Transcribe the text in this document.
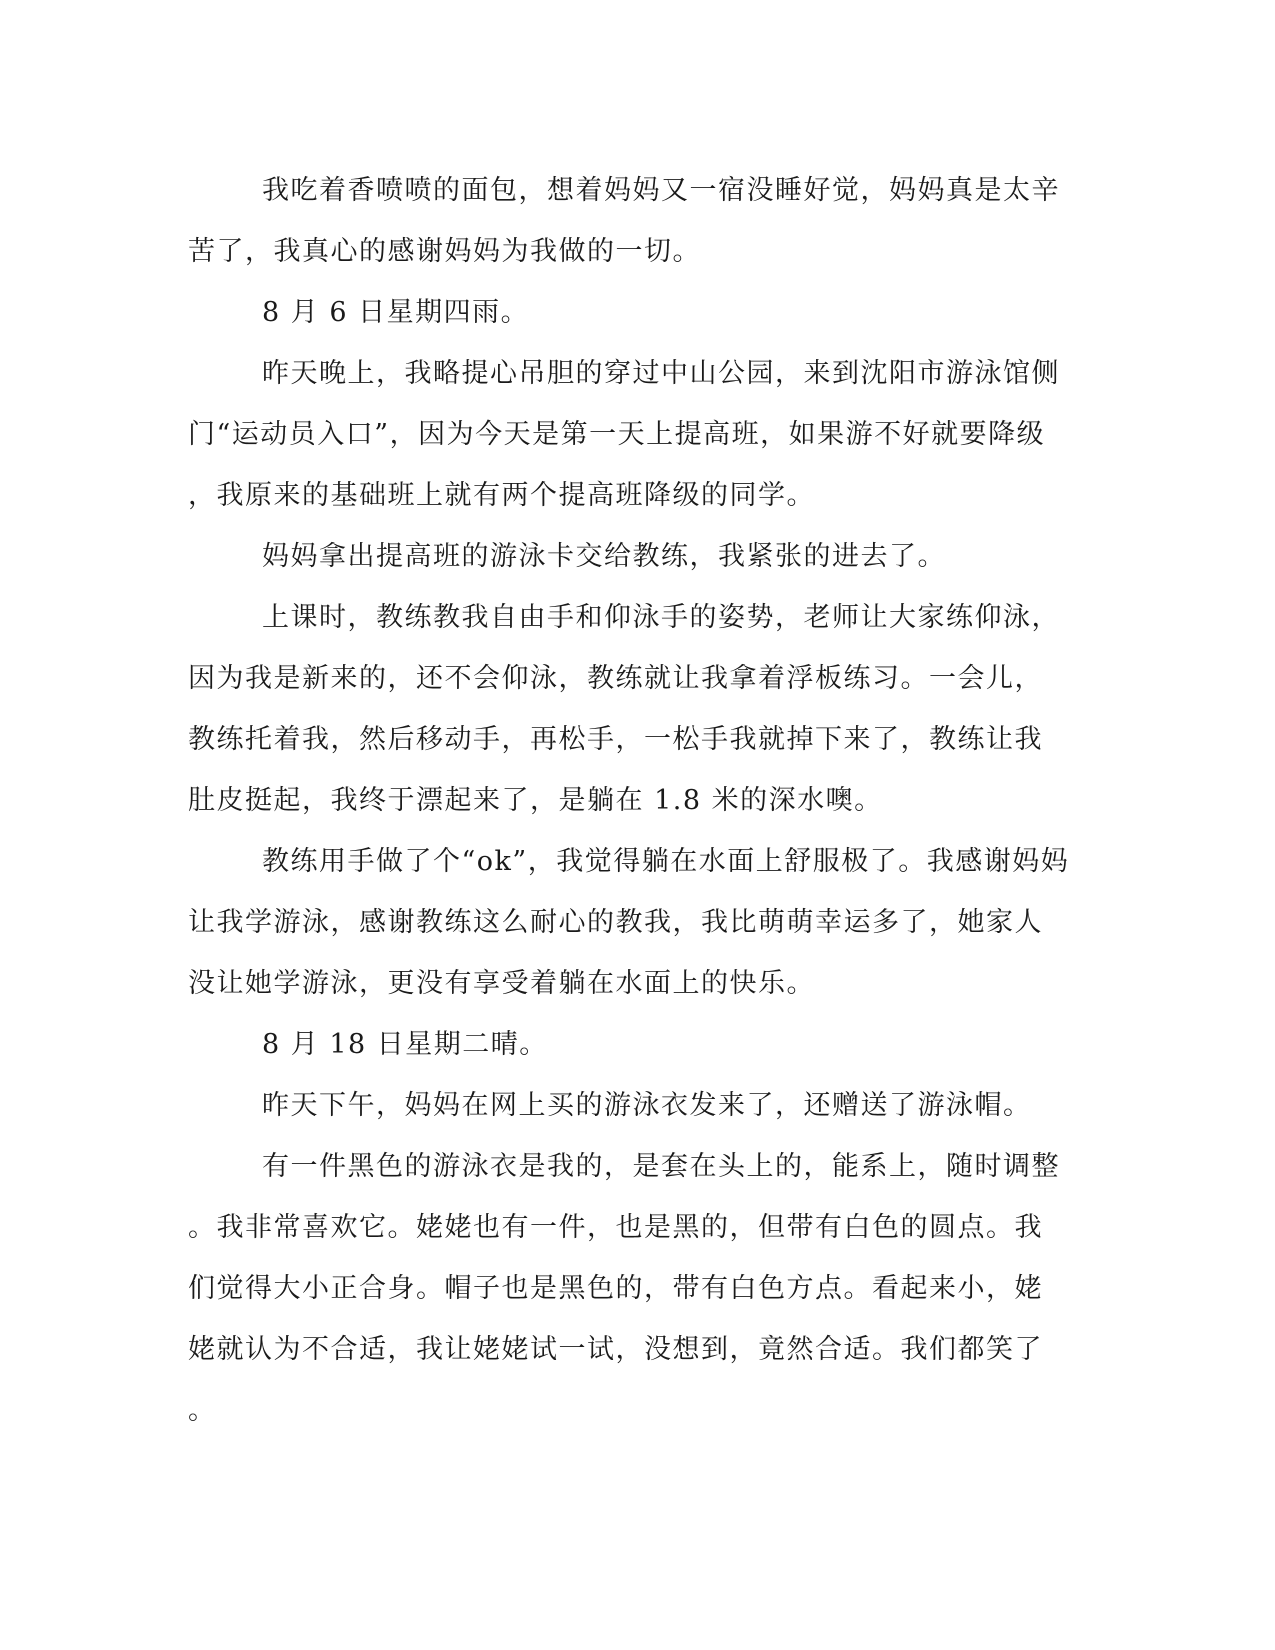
我吃着香喷喷的面包，想着妈妈又一宿没睡好觉，妈妈真是太辛
苦了，我真心的感谢妈妈为我做的一切。
8 月 6 日星期四雨。
昨天晚上，我略提心吊胆的穿过中山公园，来到沈阳市游泳馆侧
门“运动员入口”，因为今天是第一天上提高班，如果游不好就要降级
，我原来的基础班上就有两个提高班降级的同学。
妈妈拿出提高班的游泳卡交给教练，我紧张的进去了。
上课时，教练教我自由手和仰泳手的姿势，老师让大家练仰泳，
因为我是新来的，还不会仰泳，教练就让我拿着浮板练习。一会儿，
教练托着我，然后移动手，再松手，一松手我就掉下来了，教练让我
肚皮挺起，我终于漂起来了，是躺在 1.8 米的深水噢。
教练用手做了个“ok”，我觉得躺在水面上舒服极了。我感谢妈妈
让我学游泳，感谢教练这么耐心的教我，我比萌萌幸运多了，她家人
没让她学游泳，更没有享受着躺在水面上的快乐。
8 月 18 日星期二晴。
昨天下午，妈妈在网上买的游泳衣发来了，还赠送了游泳帽。
有一件黑色的游泳衣是我的，是套在头上的，能系上，随时调整
。我非常喜欢它。姥姥也有一件，也是黑的，但带有白色的圆点。我
们觉得大小正合身。帽子也是黑色的，带有白色方点。看起来小，姥
姥就认为不合适，我让姥姥试一试，没想到，竟然合适。我们都笑了
。
